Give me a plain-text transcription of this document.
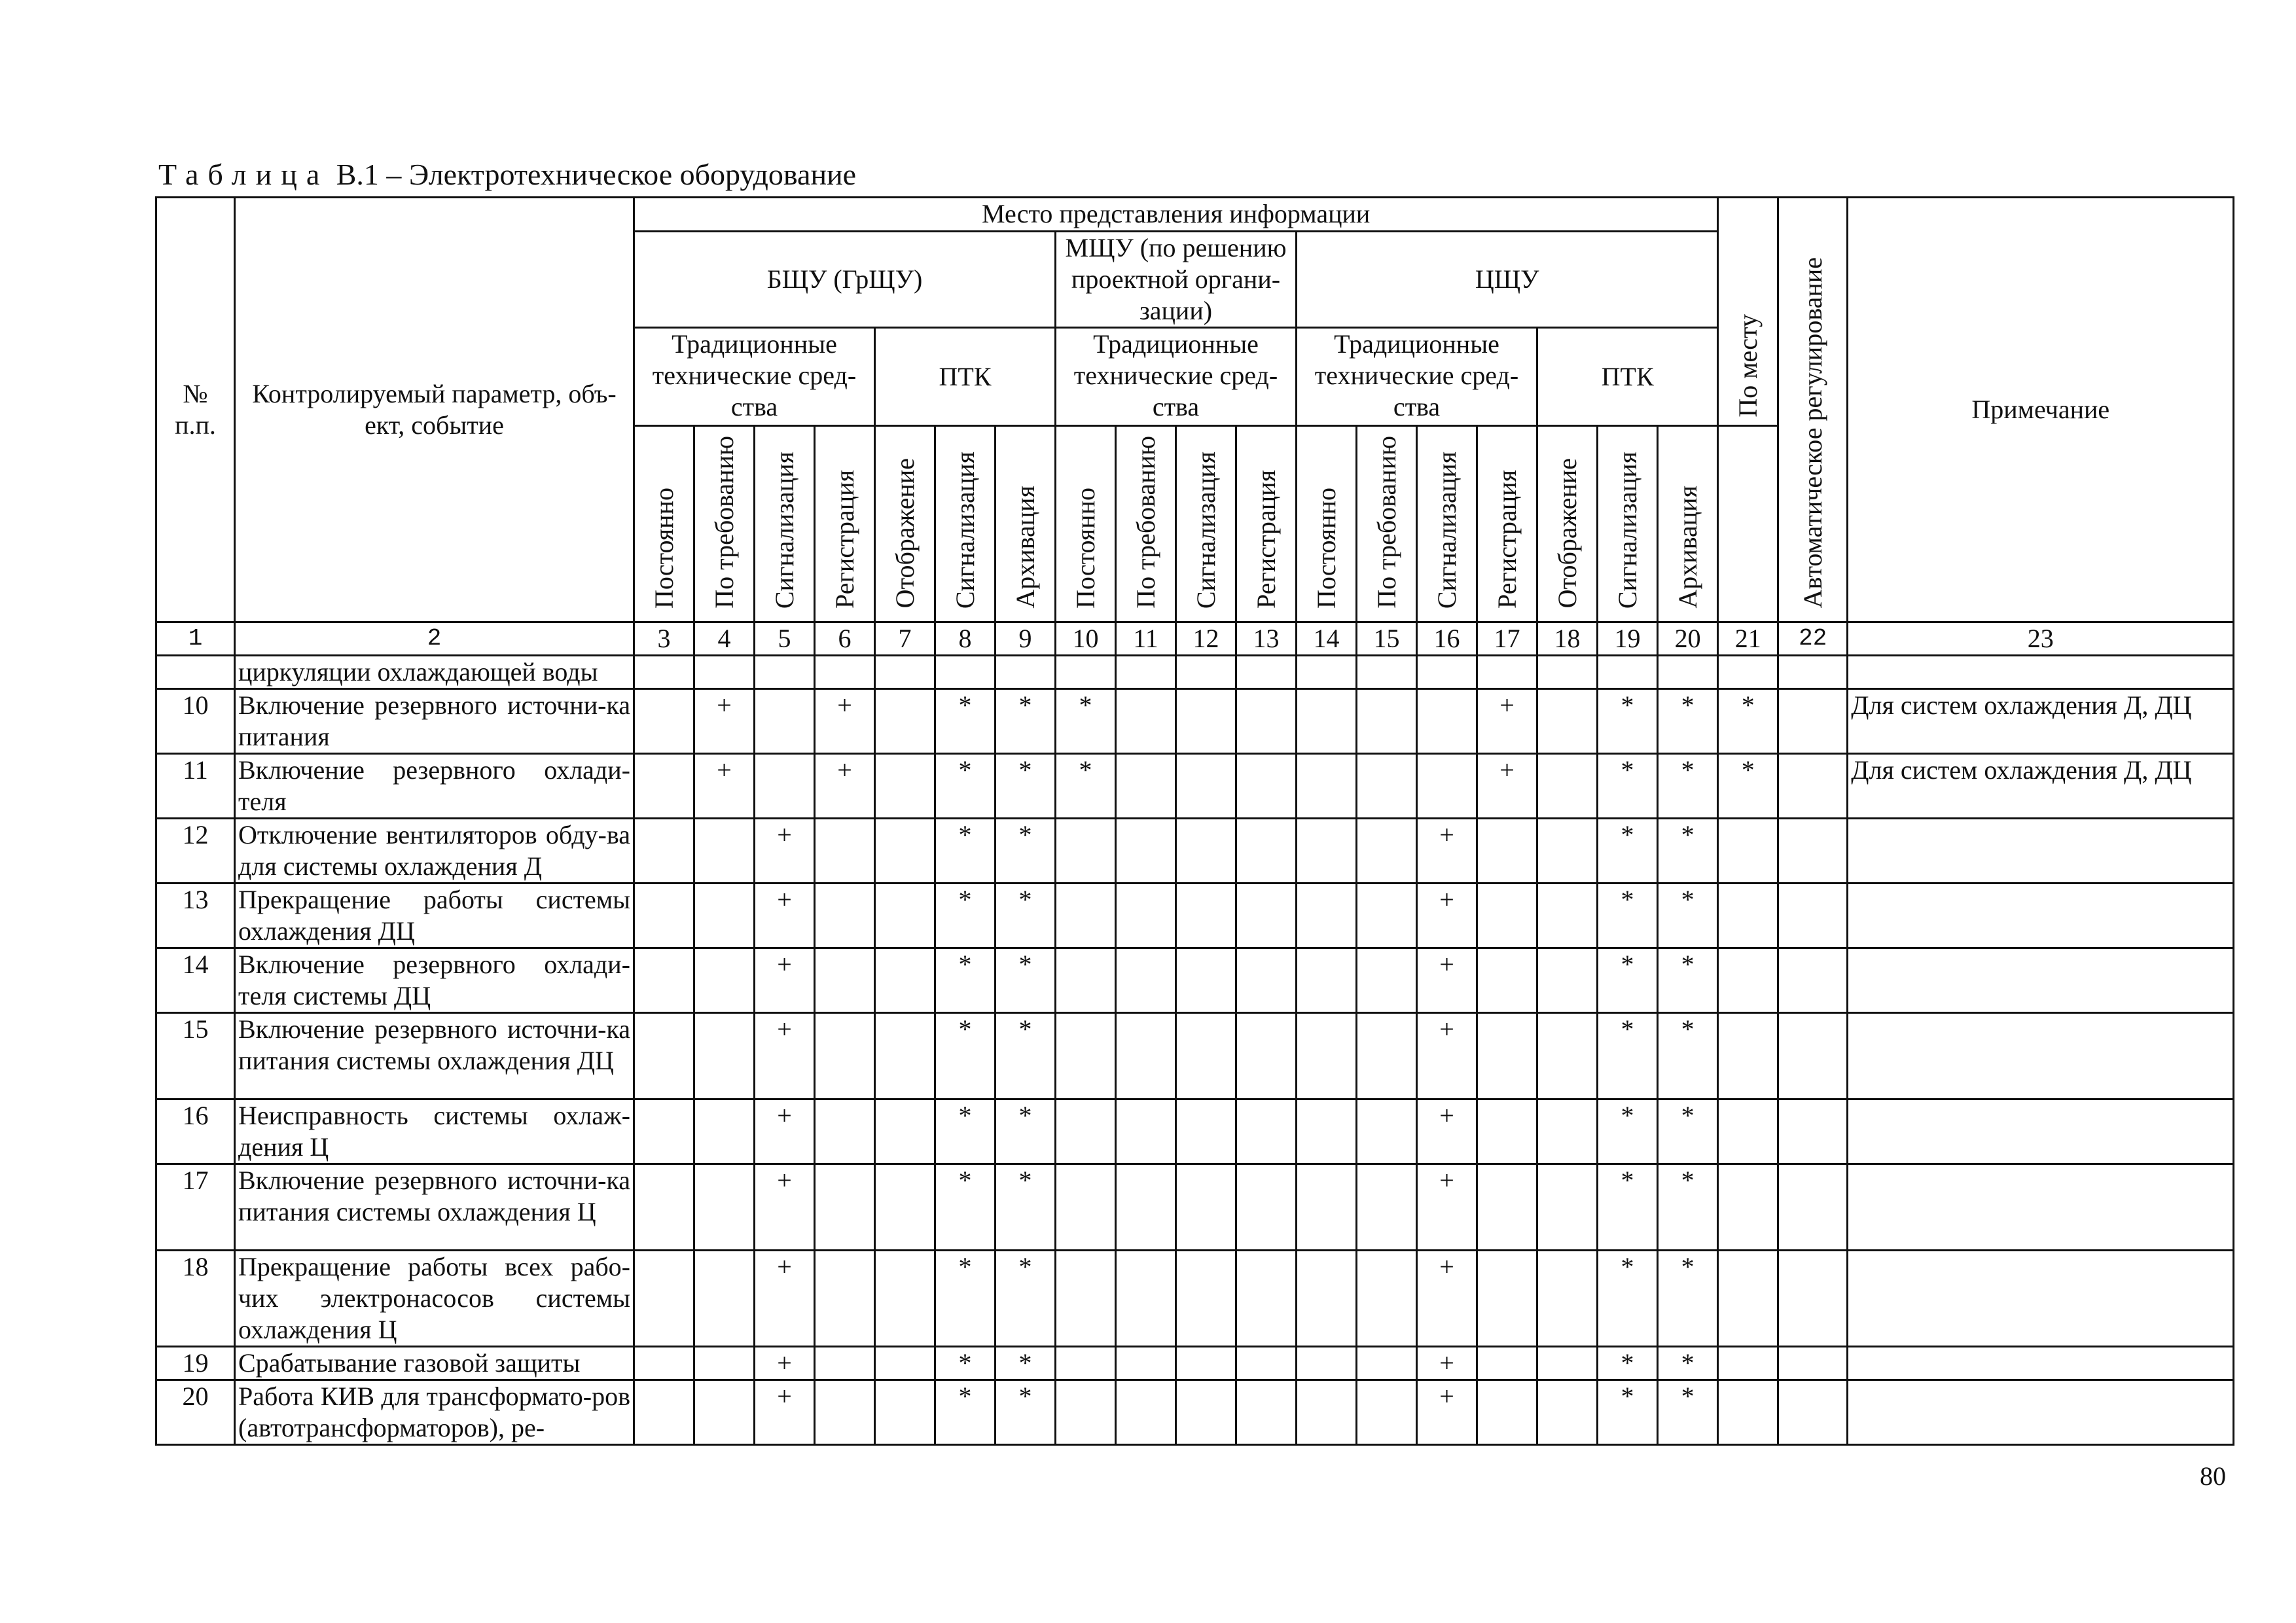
Таблица В.1 – Электротехническое оборудование
№ п.п.	Контролируемый параметр, объ-ект, событие	Место представления информации																		По месту	Автоматическое регулирование	Примечание
		БЩУ (ГрЩУ)							МЩУ (по решению проектной органи-зации)				ЦЩУ									
		Традиционные технические сред-ства				ПТК			Традиционные технические сред-ства				Традиционные технические сред-ства				ПТК					
		Постоянно	По требованию	Сигнализация	Регистрация	Отображение	Сигнализация	Архивация	Постоянно	По требованию	Сигнализация	Регистрация	Постоянно	По требованию	Сигнализация	Регистрация	Отображение	Сигнализация	Архивация			
1	2	3	4	5	6	7	8	9	10	11	12	13	14	15	16	17	18	19	20	21	22	23
	циркуляции охлаждающей воды																					
10	Включение резервного источни-ка питания		+		+		*	*	*							+		*	*	*		Для систем охлаждения Д, ДЦ
11	Включение резервного охлади-теля		+		+		*	*	*							+		*	*	*		Для систем охлаждения Д, ДЦ
12	Отключение вентиляторов обду-ва для системы охлаждения Д			+			*	*							+			*	*			
13	Прекращение работы системы охлаждения ДЦ			+			*	*							+			*	*			
14	Включение резервного охлади-теля системы ДЦ			+			*	*							+			*	*			
15	Включение резервного источни-ка питания системы охлаждения ДЦ			+			*	*							+			*	*			
16	Неисправность системы охлаж-дения Ц			+			*	*							+			*	*			
17	Включение резервного источни-ка питания системы охлаждения Ц			+			*	*							+			*	*			
18	Прекращение работы всех рабо-чих электронасосов системы охлаждения Ц			+			*	*							+			*	*			
19	Срабатывание газовой защиты			+			*	*							+			*	*			
20	Работа КИВ для трансформато-ров (автотрансформаторов), ре-			+			*	*							+			*	*			
80
